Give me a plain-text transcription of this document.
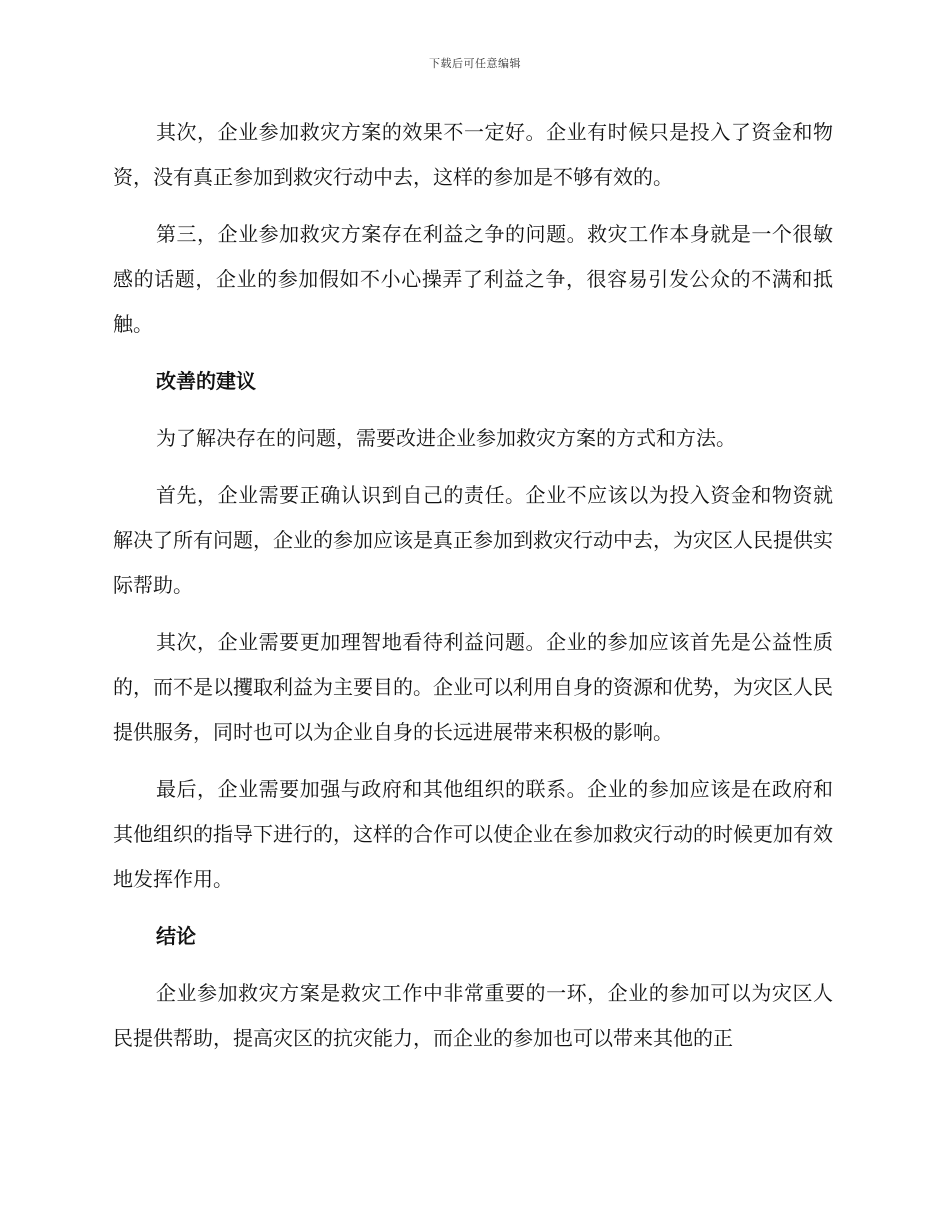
下载后可任意编辑

其次，企业参加救灾方案的效果不一定好。企业有时候只是投入了资金和物资，没有真正参加到救灾行动中去，这样的参加是不够有效的。

第三，企业参加救灾方案存在利益之争的问题。救灾工作本身就是一个很敏感的话题，企业的参加假如不小心操弄了利益之争，很容易引发公众的不满和抵触。

改善的建议

为了解决存在的问题，需要改进企业参加救灾方案的方式和方法。

首先，企业需要正确认识到自己的责任。企业不应该以为投入资金和物资就解决了所有问题，企业的参加应该是真正参加到救灾行动中去，为灾区人民提供实际帮助。

其次，企业需要更加理智地看待利益问题。企业的参加应该首先是公益性质的，而不是以攫取利益为主要目的。企业可以利用自身的资源和优势，为灾区人民提供服务，同时也可以为企业自身的长远进展带来积极的影响。

最后，企业需要加强与政府和其他组织的联系。企业的参加应该是在政府和其他组织的指导下进行的，这样的合作可以使企业在参加救灾行动的时候更加有效地发挥作用。

结论

企业参加救灾方案是救灾工作中非常重要的一环，企业的参加可以为灾区人民提供帮助，提高灾区的抗灾能力，而企业的参加也可以带来其他的正
